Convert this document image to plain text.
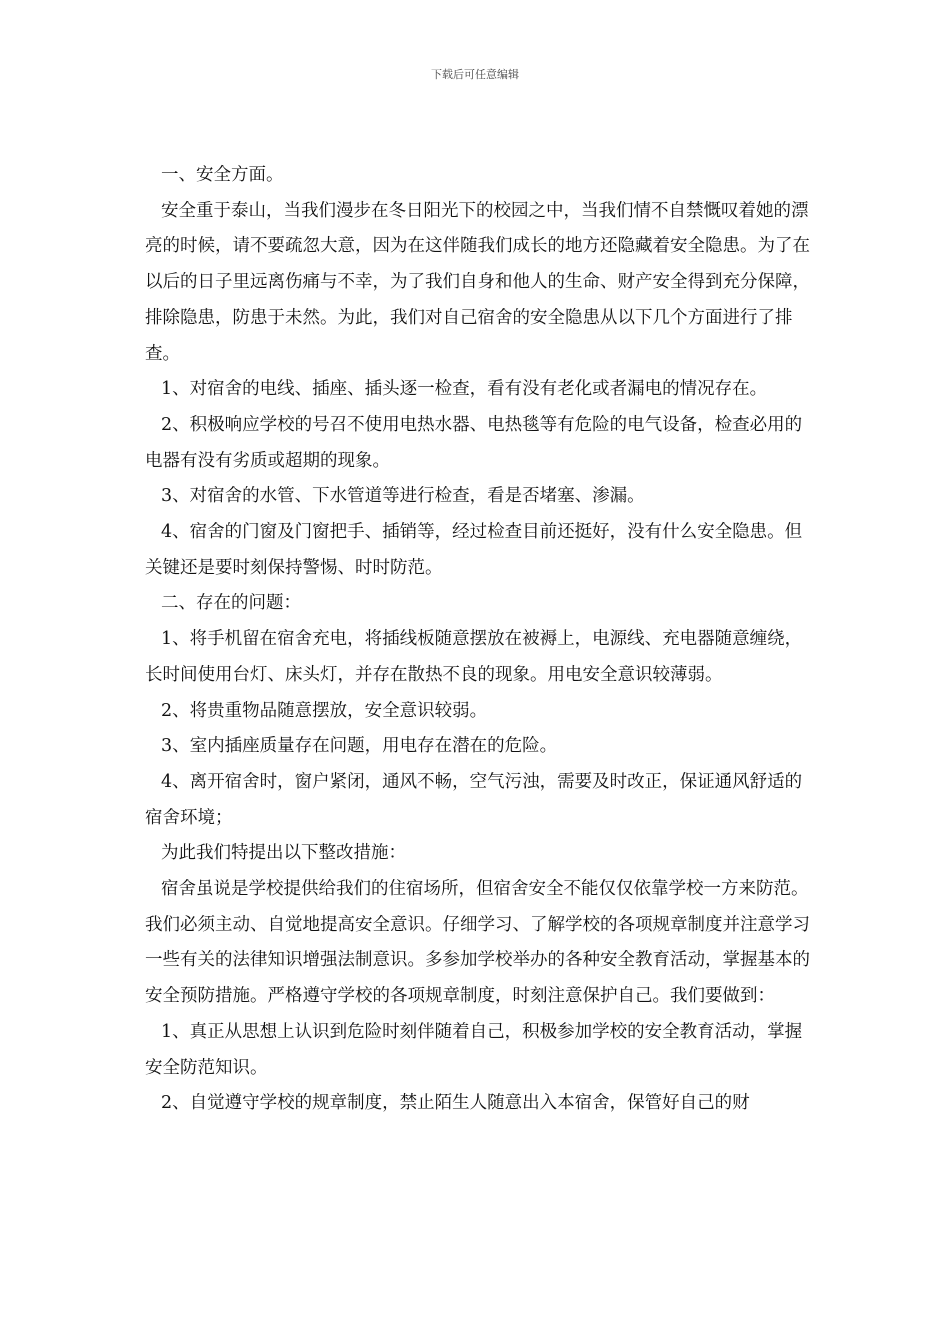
下载后可任意编辑

一、安全方面。

安全重于泰山，当我们漫步在冬日阳光下的校园之中，当我们情不自禁慨叹着她的漂亮的时候，请不要疏忽大意，因为在这伴随我们成长的地方还隐藏着安全隐患。为了在以后的日子里远离伤痛与不幸，为了我们自身和他人的生命、财产安全得到充分保障，排除隐患，防患于未然。为此，我们对自己宿舍的安全隐患从以下几个方面进行了排查。

1、对宿舍的电线、插座、插头逐一检查，看有没有老化或者漏电的情况存在。

2、积极响应学校的号召不使用电热水器、电热毯等有危险的电气设备，检查必用的电器有没有劣质或超期的现象。

3、对宿舍的水管、下水管道等进行检查，看是否堵塞、渗漏。

4、宿舍的门窗及门窗把手、插销等，经过检查目前还挺好，没有什么安全隐患。但关键还是要时刻保持警惕、时时防范。

二、存在的问题：

1、将手机留在宿舍充电，将插线板随意摆放在被褥上，电源线、充电器随意缠绕，长时间使用台灯、床头灯，并存在散热不良的现象。用电安全意识较薄弱。

2、将贵重物品随意摆放，安全意识较弱。

3、室内插座质量存在问题，用电存在潜在的危险。

4、离开宿舍时，窗户紧闭，通风不畅，空气污浊，需要及时改正，保证通风舒适的宿舍环境；

为此我们特提出以下整改措施：

宿舍虽说是学校提供给我们的住宿场所，但宿舍安全不能仅仅依靠学校一方来防范。我们必须主动、自觉地提高安全意识。仔细学习、了解学校的各项规章制度并注意学习一些有关的法律知识增强法制意识。多参加学校举办的各种安全教育活动，掌握基本的安全预防措施。严格遵守学校的各项规章制度，时刻注意保护自己。我们要做到：

1、真正从思想上认识到危险时刻伴随着自己，积极参加学校的安全教育活动，掌握安全防范知识。

2、自觉遵守学校的规章制度，禁止陌生人随意出入本宿舍，保管好自己的财
